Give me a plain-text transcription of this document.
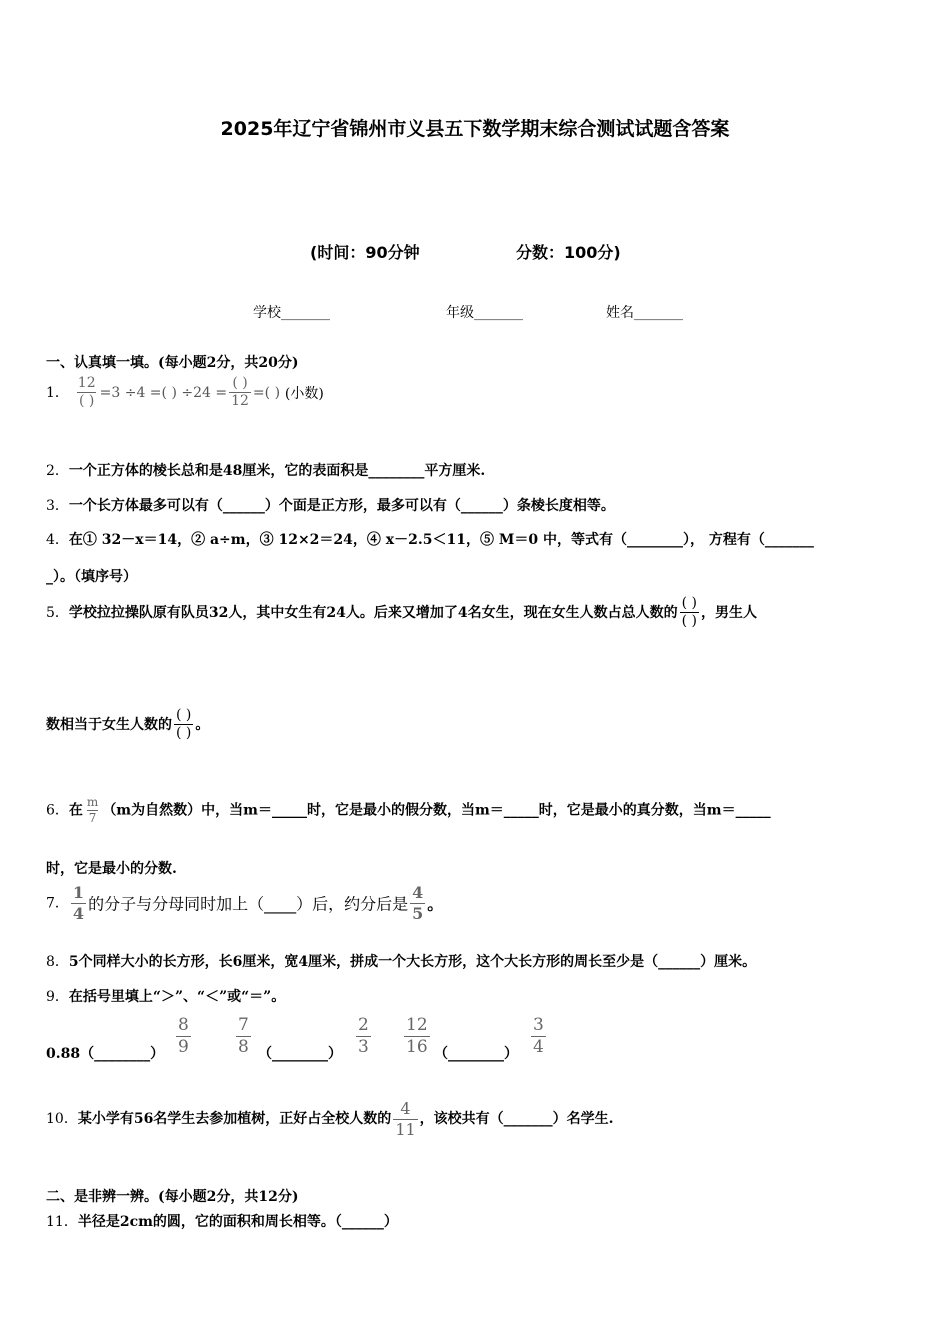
2025年辽宁省锦州市义县五下数学期末综合测试试题含答案
(时间：90分钟	分数：100分)
学校_______	年级_______	姓名_______
一、认真填一填。(每小题2分，共20分)
1． $\frac{12}{( )} =3 \div 4$ =( ) $\div 24 = \frac{( )}{12}$ =( ) (小数)
2．一个正方体的棱长总和是48厘米，它的表面积是________平方厘米.
3．一个长方体最多可以有（______）个面是正方形，最多可以有（______）条棱长度相等。
4．在① 32－x＝14，② a÷m，③ 12×2＝24，④ x－2.5＜11，⑤ M＝0 中，等式有（________）， 方程有（_______
_）。（填序号）
5．学校拉拉操队原有队员32人，其中女生有24人。后来又增加了4名女生，现在女生人数占总人数的 $\frac{( )}{( )}$ ，男生人
数相当于女生人数的 $\frac{( )}{( )}$ 。
6．在 $\frac{m}{7} (m$为自然数）中，当m＝_____时，它是最小的假分数，当m＝_____时，它是最小的真分数，当m＝_____
时，它是最小的分数.
7． $\frac{1}{4}$ 的分子与分母同时加上（____）后，约分后是 $\frac{4}{5}$ 。
8．5个同样大小的长方形，长6厘米，宽4厘米，拼成一个大长方形，这个大长方形的周长至少是（______）厘米。
9．在括号里填上“＞”、“＜”或“＝”。
0.88（________） $\frac{8}{9}$	$\frac{7}{8}$ （________） $\frac{2}{3} \frac{12}{16}$ （________） $\frac{3}{4}$
10．某小学有56名学生去参加植树，正好占全校人数的 $\frac{4}{11}$ ，该校共有（_______）名学生.
二、是非辨一辨。(每小题2分，共12分)
11．半径是2cm的圆，它的面积和周长相等。（______）
